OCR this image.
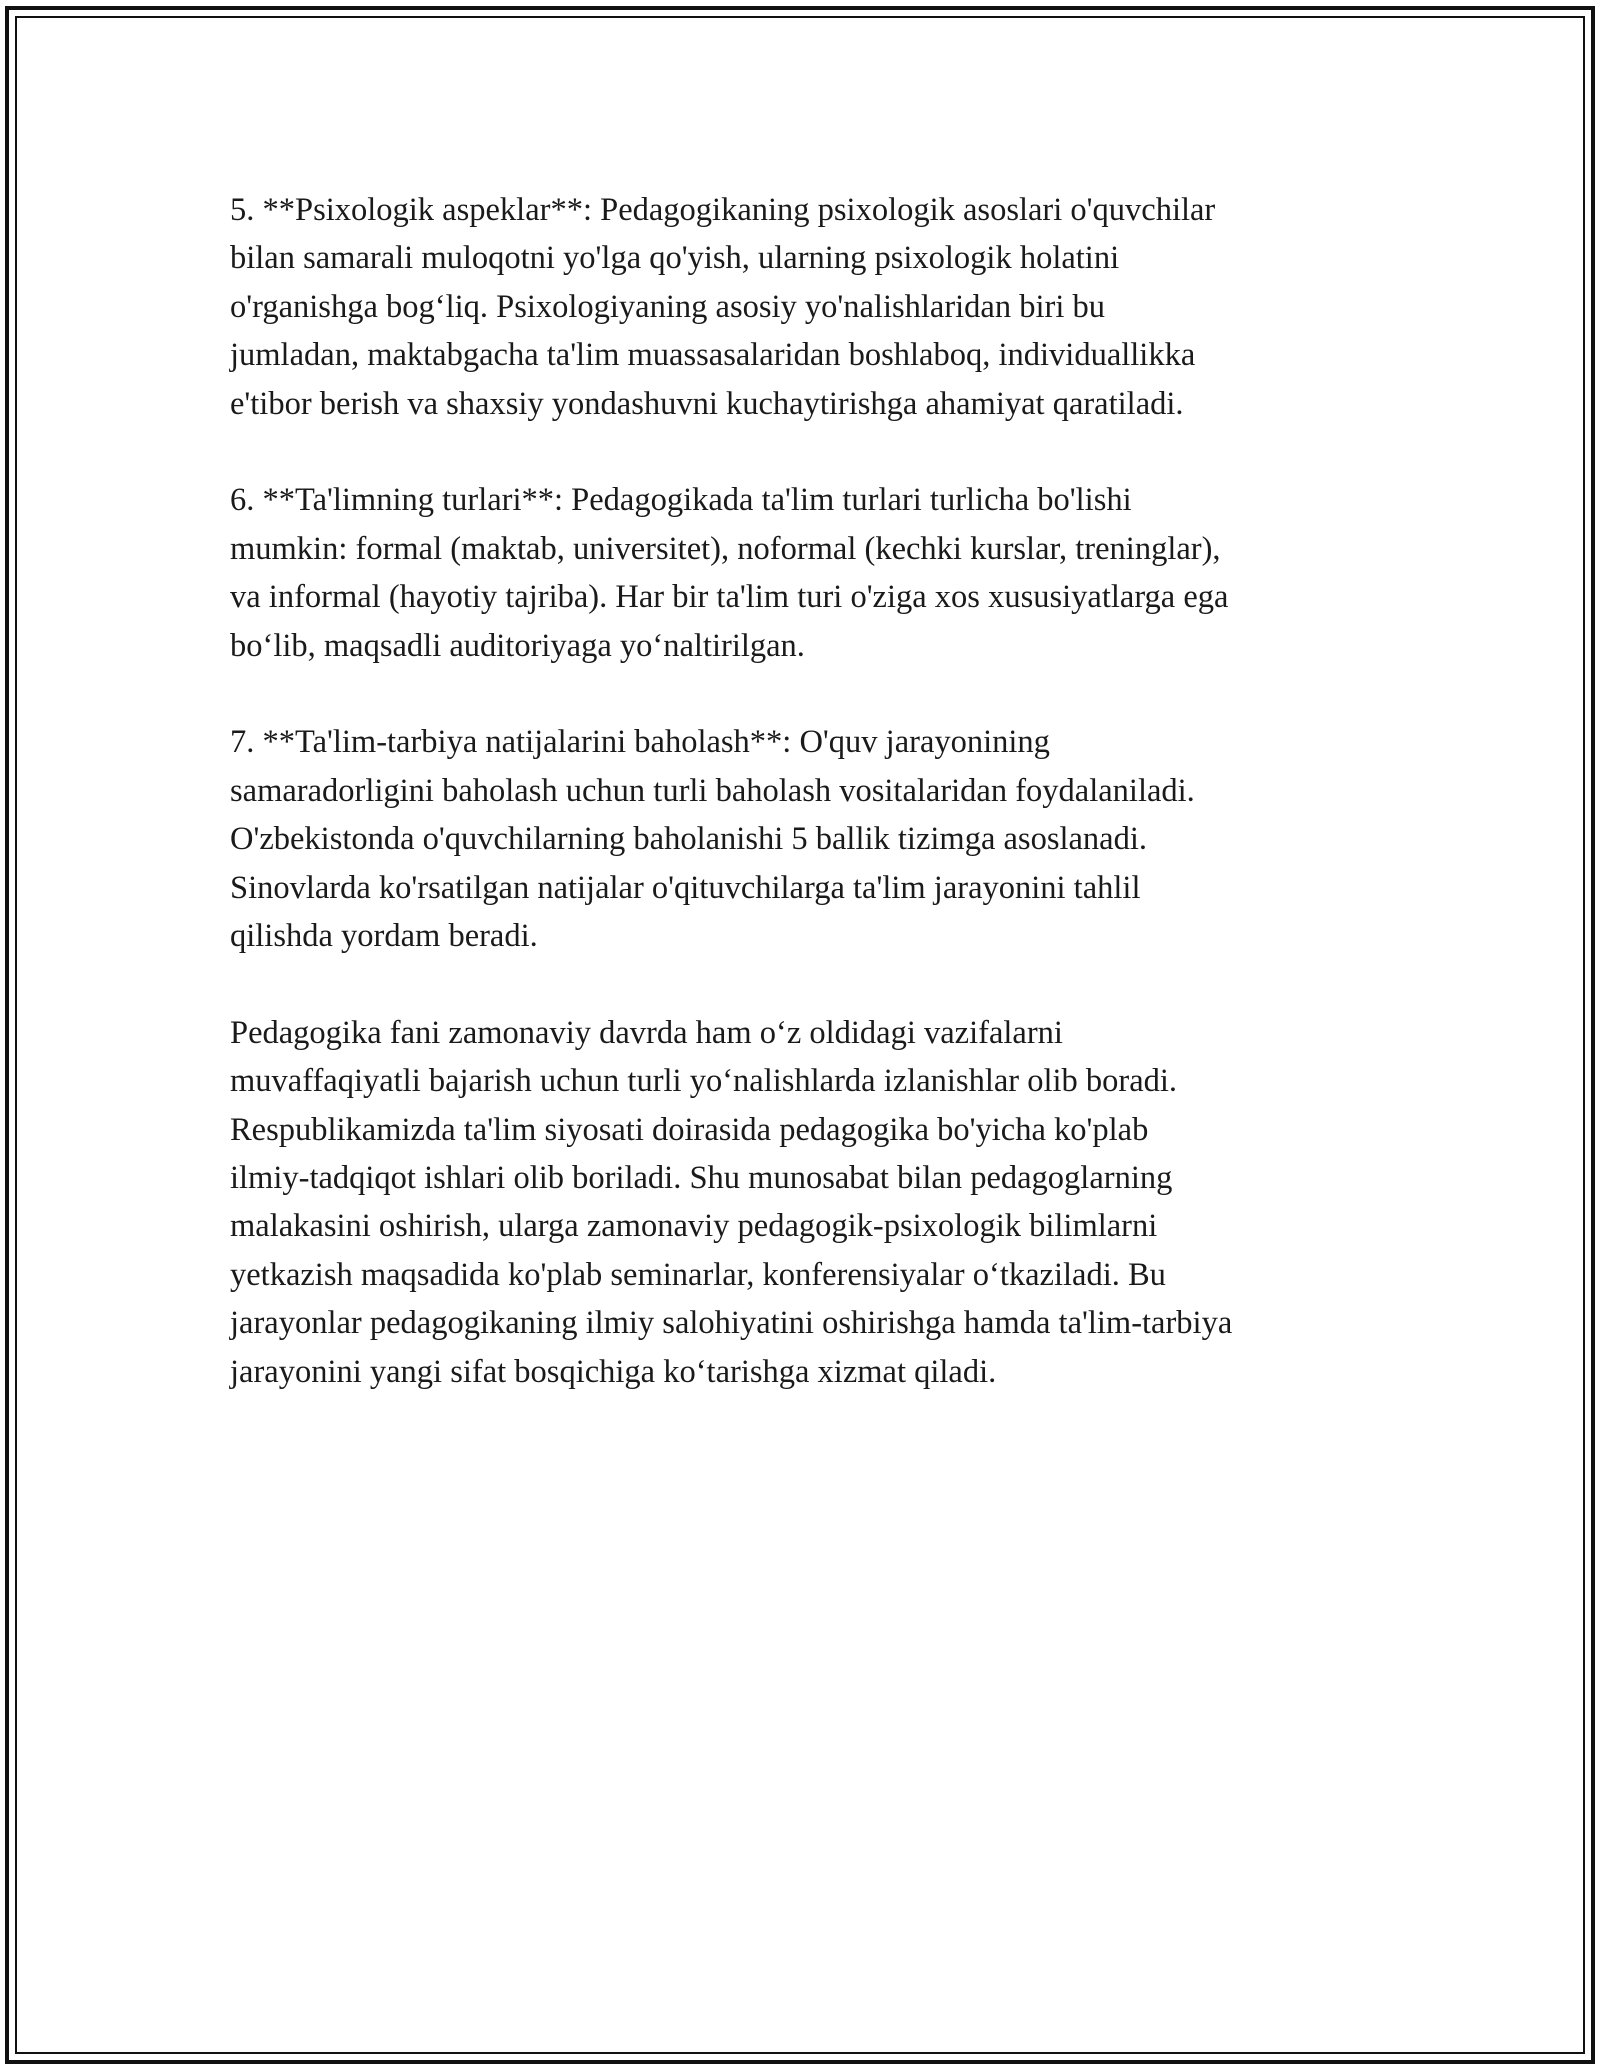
5. **Psixologik aspeklar**: Pedagogikaning psixologik asoslari o'quvchilar
bilan samarali muloqotni yo'lga qo'yish, ularning psixologik holatini
o'rganishga bog‘liq. Psixologiyaning asosiy yo'nalishlaridan biri bu
jumladan, maktabgacha ta'lim muassasalaridan boshlaboq, individuallikka
e'tibor berish va shaxsiy yondashuvni kuchaytirishga ahamiyat qaratiladi.

6. **Ta'limning turlari**: Pedagogikada ta'lim turlari turlicha bo'lishi
mumkin: formal (maktab, universitet), noformal (kechki kurslar, treninglar),
va informal (hayotiy tajriba). Har bir ta'lim turi o'ziga xos xususiyatlarga ega
bo‘lib, maqsadli auditoriyaga yo‘naltirilgan.

7. **Ta'lim-tarbiya natijalarini baholash**: O'quv jarayonining
samaradorligini baholash uchun turli baholash vositalaridan foydalaniladi.
O'zbekistonda o'quvchilarning baholanishi 5 ballik tizimga asoslanadi.
Sinovlarda ko'rsatilgan natijalar o'qituvchilarga ta'lim jarayonini tahlil
qilishda yordam beradi.

Pedagogika fani zamonaviy davrda ham o‘z oldidagi vazifalarni
muvaffaqiyatli bajarish uchun turli yo‘nalishlarda izlanishlar olib boradi.
Respublikamizda ta'lim siyosati doirasida pedagogika bo'yicha ko'plab
ilmiy-tadqiqot ishlari olib boriladi. Shu munosabat bilan pedagoglarning
malakasini oshirish, ularga zamonaviy pedagogik-psixologik bilimlarni
yetkazish maqsadida ko'plab seminarlar, konferensiyalar o‘tkaziladi. Bu
jarayonlar pedagogikaning ilmiy salohiyatini oshirishga hamda ta'lim-tarbiya
jarayonini yangi sifat bosqichiga ko‘tarishga xizmat qiladi.
